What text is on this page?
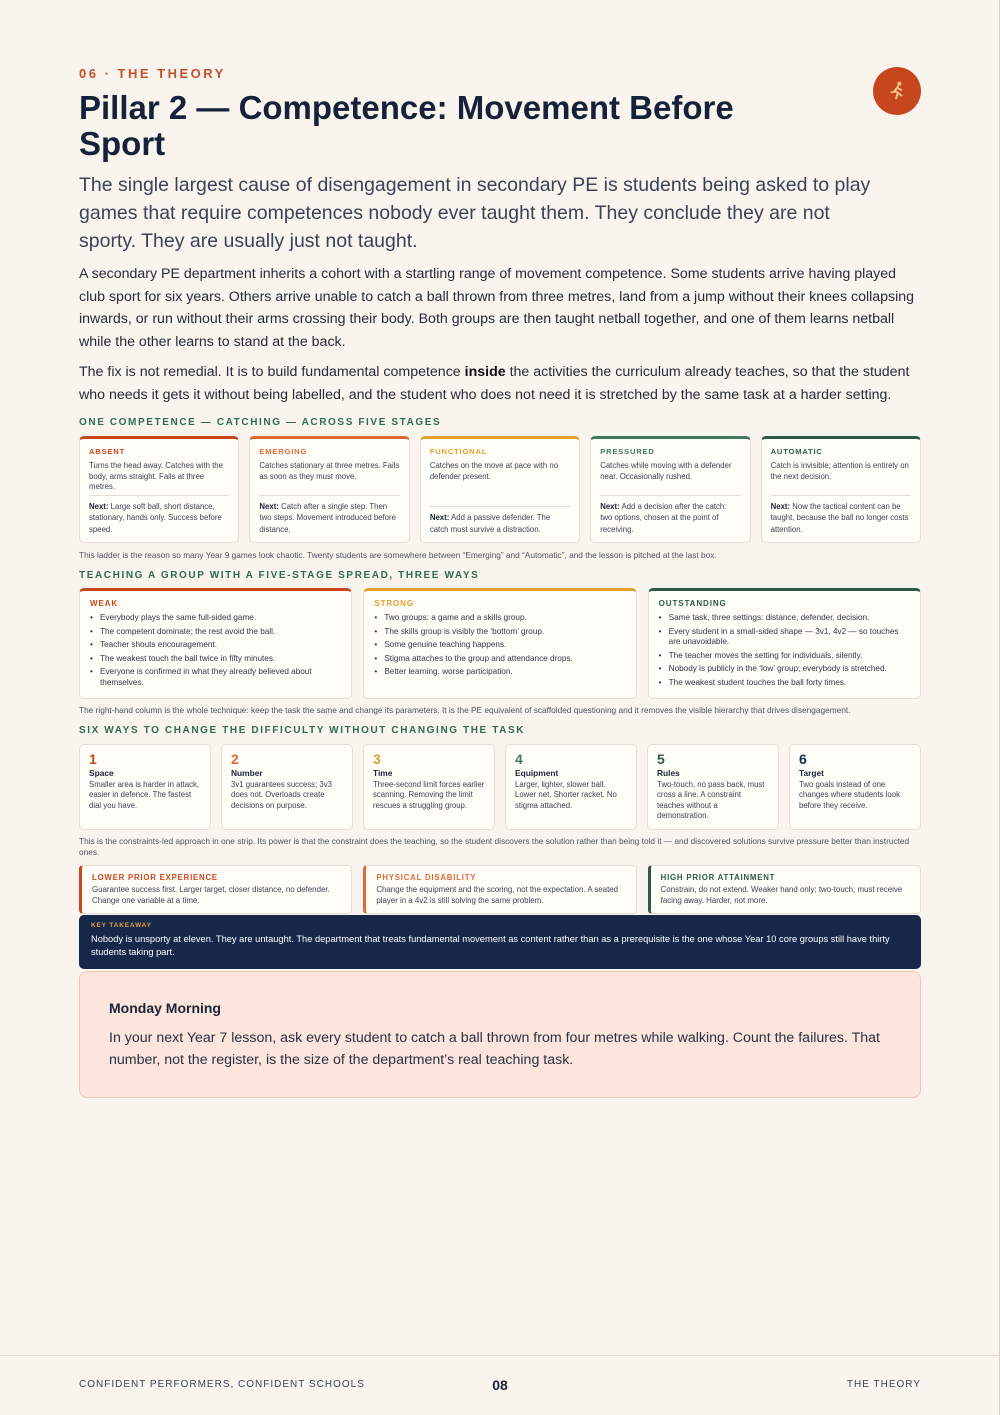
06 · THE THEORY
Pillar 2 — Competence: Movement Before Sport

The single largest cause of disengagement in secondary PE is students being asked to play games that require competences nobody ever taught them. They conclude they are not sporty. They are usually just not taught.

A secondary PE department inherits a cohort with a startling range of movement competence. Some students arrive having played club sport for six years. Others arrive unable to catch a ball thrown from three metres, land from a jump without their knees collapsing inwards, or run without their arms crossing their body. Both groups are then taught netball together, and one of them learns netball while the other learns to stand at the back.

The fix is not remedial. It is to build fundamental competence inside the activities the curriculum already teaches, so that the student who needs it gets it without being labelled, and the student who does not need it is stretched by the same task at a harder setting.

ONE COMPETENCE — CATCHING — ACROSS FIVE STAGES
ABSENT
Turns the head away. Catches with the body, arms straight. Fails at three metres.
Next: Large soft ball, short distance, stationary, hands only. Success before speed.
EMERGING
Catches stationary at three metres. Fails as soon as they must move.
Next: Catch after a single step. Then two steps. Movement introduced before distance.
FUNCTIONAL
Catches on the move at pace with no defender present.
Next: Add a passive defender. The catch must survive a distraction.
PRESSURED
Catches while moving with a defender near. Occasionally rushed.
Next: Add a decision after the catch: two options, chosen at the point of receiving.
AUTOMATIC
Catch is invisible; attention is entirely on the next decision.
Next: Now the tactical content can be taught, because the ball no longer costs attention.
This ladder is the reason so many Year 9 games look chaotic. Twenty students are somewhere between “Emerging” and “Automatic”, and the lesson is pitched at the last box.
TEACHING A GROUP WITH A FIVE-STAGE SPREAD, THREE WAYS
WEAK
• Everybody plays the same full-sided game.
• The competent dominate; the rest avoid the ball.
• Teacher shouts encouragement.
• The weakest touch the ball twice in fifty minutes.
• Everyone is confirmed in what they already believed about themselves.
STRONG
• Two groups: a game and a skills group.
• The skills group is visibly the ‘bottom’ group.
• Some genuine teaching happens.
• Stigma attaches to the group and attendance drops.
• Better learning, worse participation.
OUTSTANDING
• Same task, three settings: distance, defender, decision.
• Every student in a small-sided shape — 3v1, 4v2 — so touches are unavoidable.
• The teacher moves the setting for individuals, silently.
• Nobody is publicly in the ‘low’ group; everybody is stretched.
• The weakest student touches the ball forty times.
The right-hand column is the whole technique: keep the task the same and change its parameters. It is the PE equivalent of scaffolded questioning and it removes the visible hierarchy that drives disengagement.
SIX WAYS TO CHANGE THE DIFFICULTY WITHOUT CHANGING THE TASK
1
Space
Smaller area is harder in attack, easier in defence. The fastest dial you have.
2
Number
3v1 guarantees success; 3v3 does not. Overloads create decisions on purpose.
3
Time
Three-second limit forces earlier scanning. Removing the limit rescues a struggling group.
4
Equipment
Larger, lighter, slower ball. Lower net. Shorter racket. No stigma attached.
5
Rules
Two-touch, no pass back, must cross a line. A constraint teaches without a demonstration.
6
Target
Two goals instead of one changes where students look before they receive.
This is the constraints-led approach in one strip. Its power is that the constraint does the teaching, so the student discovers the solution rather than being told it — and discovered solutions survive pressure better than instructed ones.
LOWER PRIOR EXPERIENCE
Guarantee success first. Larger target, closer distance, no defender. Change one variable at a time.
PHYSICAL DISABILITY
Change the equipment and the scoring, not the expectation. A seated player in a 4v2 is still solving the same problem.
HIGH PRIOR ATTAINMENT
Constrain, do not extend. Weaker hand only; two-touch; must receive facing away. Harder, not more.
KEY TAKEAWAY
Nobody is unsporty at eleven. They are untaught. The department that treats fundamental movement as content rather than as a prerequisite is the one whose Year 10 core groups still have thirty students taking part.
Monday Morning
In your next Year 7 lesson, ask every student to catch a ball thrown from four metres while walking. Count the failures. That number, not the register, is the size of the department’s real teaching task.
CONFIDENT PERFORMERS, CONFIDENT SCHOOLS	08	THE THEORY
